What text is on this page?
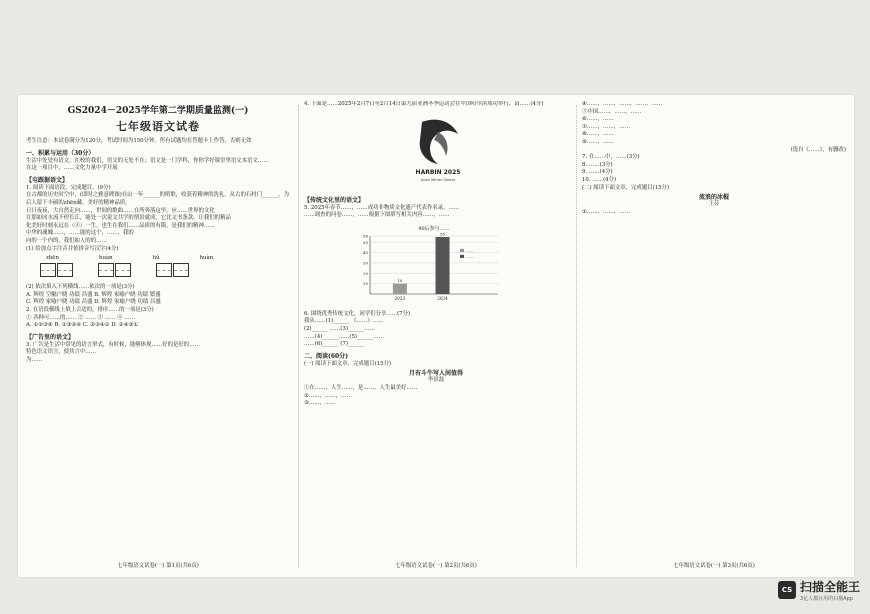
GS2024－2025学年第二学期质量监测(一)
七年级语文试卷

考生注意：本试卷满分为120分，考试时间为150分钟。所有试题均在答题卡上作答，否则无效

一、积累与运用（30分）

生活中处处有语文。在校的我们，语文的无处不在；语文是一门学科，你你学好课堂里语文本语文……

在这一项目中，……文化力量中学开展

【屯跟据语文】

1. 阅读下面语段，完成题目。(9分)

在古都的历史时空中，(即时之雅意碑图)在山一年______的明歌，收获着精神的洗礼。从古的石村门______，为后人留下丰硕的zhēn藏。美好的精神品质，

日日夜夜，大自然走向……，世间的歌曲……在所奔落这里，应……世界的文化

在那如同水流不停长江，能处一次说文共学的情景就成，它比文书条款，让我们的精品

化美好时刻永远在（④）一生，也生在我们……品质的有限，是我们的精神……

中华的魂魄……，……能的这个，……，我的

向的一个内的，我们如人的的……

(1) 给加点字注音并依拼音写汉字(4分)

zhēn	huàn	hǔ	huàn

(2) 依次填入下列横线……依次的一项是(3分)

A. 辉煌 空幅户晓 功绩 昌盛 B. 辉煌 家喻户晓 功绩 繁盛

C. 辉煌 家喻户晓 功绩 昌盛 D. 辉煌 家喻户晓 功绩 昌盛

2. 在语段横线上填上合适的，排序……的一项是(3分)

① 各种可……的…… ② …… ③ …… ④ ……

A. ①②③④ B. ①③②④ C. ②③④① D. ②④③①

【广告里的语文】

3. 广告是生活中常见的语言形式，有时候，能够体现……好的是好的……

特色语文语言，使其言中……

为……

七年级语文试卷(一) 第1页(共6页)

4. 下面是……2025年2月7日至2月14日第九届亚洲冬季运动会在中国哈尔滨成功举行，请……(4分)

HARBIN 2025
Asian Winter Games
【传统文化里的语文】

5. 2025年春节……，……成功非物质文化遗产代表作名录，……

……调查的问卷……，……根据下图填写相关内容……，……

90后参与……
10
20
30
40
50
56
10
2023
55
2024
……
……

6. 围绕优秀传统文化，同学们分享……(7分)

我从……(1)______ 《……》……

(2)______ ……(3)______……

……(4)______……(5)______……

……(6)______ (7)______

二、阅读(60分)

(一) 阅读下面文章，完成题目(15分)

月有斗牛写人间值得

李景磊

①在……，人生……，是……，人生最美好……

②……，……，……

③……，……

七年级语文试卷(一) 第2页(共6页)

④……，……，……，……，……

⑤中国……，……，……

⑥……，……

⑦……，……，……

⑧……，……

⑨……，……

(选自《……》，有删改)

7. 在……中，……(3分)

8. ……(3分)

9. ……(4分)

10. ……(4分)

(二) 阅读下面文章，完成题目(15分)

流浪的冰棍

王芬

①……，……，……

七年级语文试卷(一) 第3页(共6页)
CS 扫描全能王
3亿人都在用的扫描App
